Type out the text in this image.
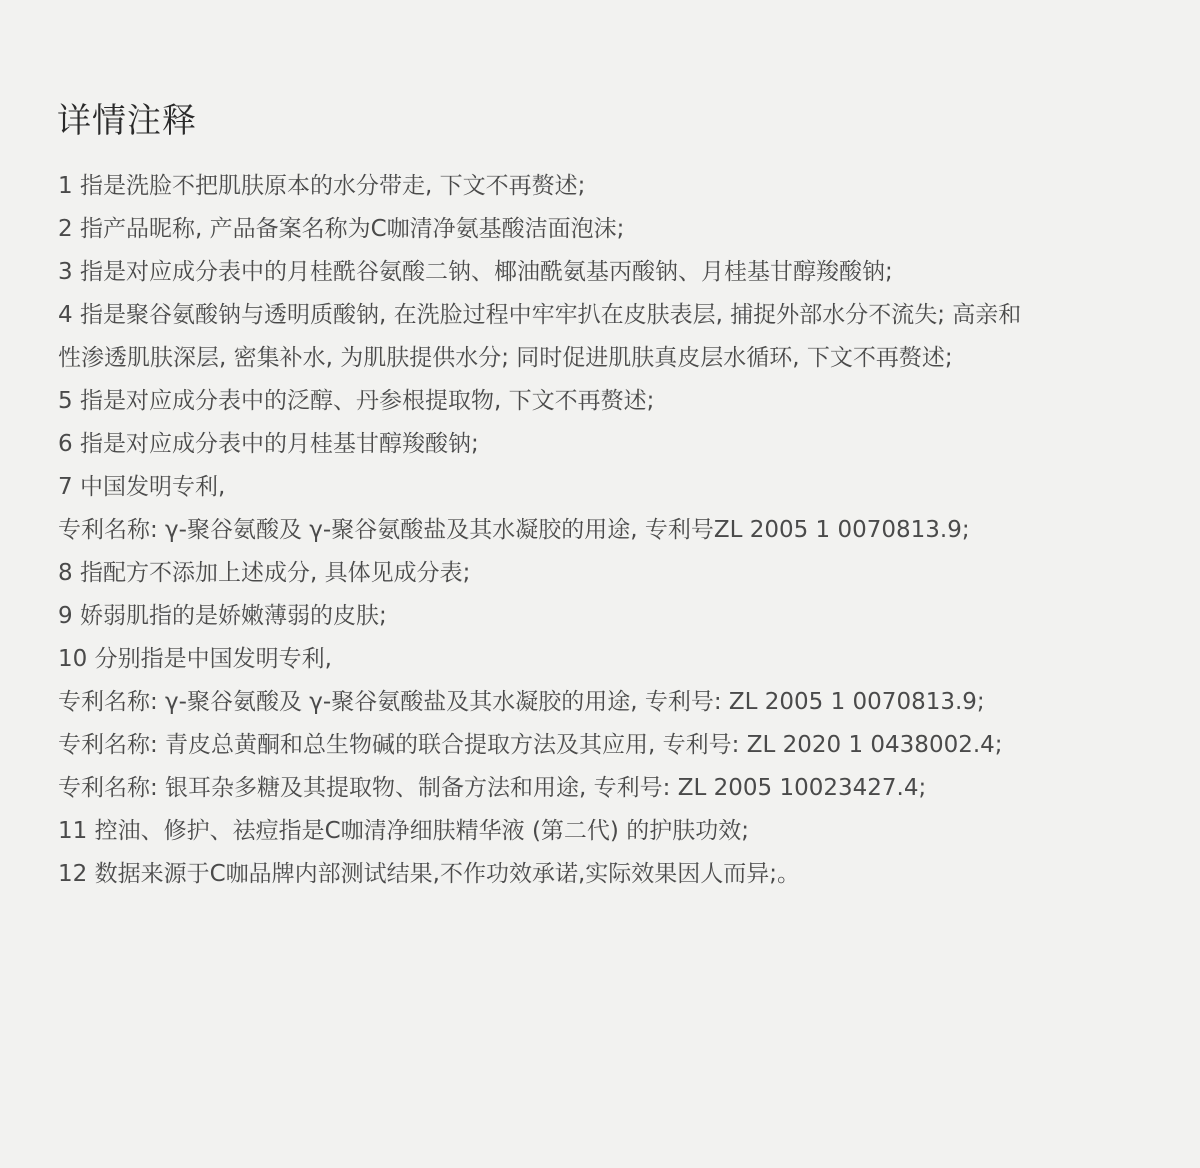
详情注释
1 指是洗脸不把肌肤原本的水分带走, 下文不再赘述;
2 指产品昵称, 产品备案名称为C咖清净氨基酸洁面泡沫;
3 指是对应成分表中的月桂酰谷氨酸二钠、椰油酰氨基丙酸钠、月桂基甘醇羧酸钠;
4 指是聚谷氨酸钠与透明质酸钠, 在洗脸过程中牢牢扒在皮肤表层, 捕捉外部水分不流失; 高亲和
性渗透肌肤深层, 密集补水, 为肌肤提供水分; 同时促进肌肤真皮层水循环, 下文不再赘述;
5 指是对应成分表中的泛醇、丹参根提取物, 下文不再赘述;
6 指是对应成分表中的月桂基甘醇羧酸钠;
7 中国发明专利,
专利名称: γ-聚谷氨酸及 γ-聚谷氨酸盐及其水凝胶的用途, 专利号ZL 2005 1 0070813.9;
8 指配方不添加上述成分, 具体见成分表;
9 娇弱肌指的是娇嫩薄弱的皮肤;
10 分别指是中国发明专利,
专利名称: γ-聚谷氨酸及 γ-聚谷氨酸盐及其水凝胶的用途, 专利号: ZL 2005 1 0070813.9;
专利名称: 青皮总黄酮和总生物碱的联合提取方法及其应用, 专利号: ZL 2020 1 0438002.4;
专利名称: 银耳杂多糖及其提取物、制备方法和用途, 专利号: ZL 2005 10023427.4;
11 控油、修护、祛痘指是C咖清净细肤精华液 (第二代) 的护肤功效;
12 数据来源于C咖品牌内部测试结果,不作功效承诺,实际效果因人而异;。
